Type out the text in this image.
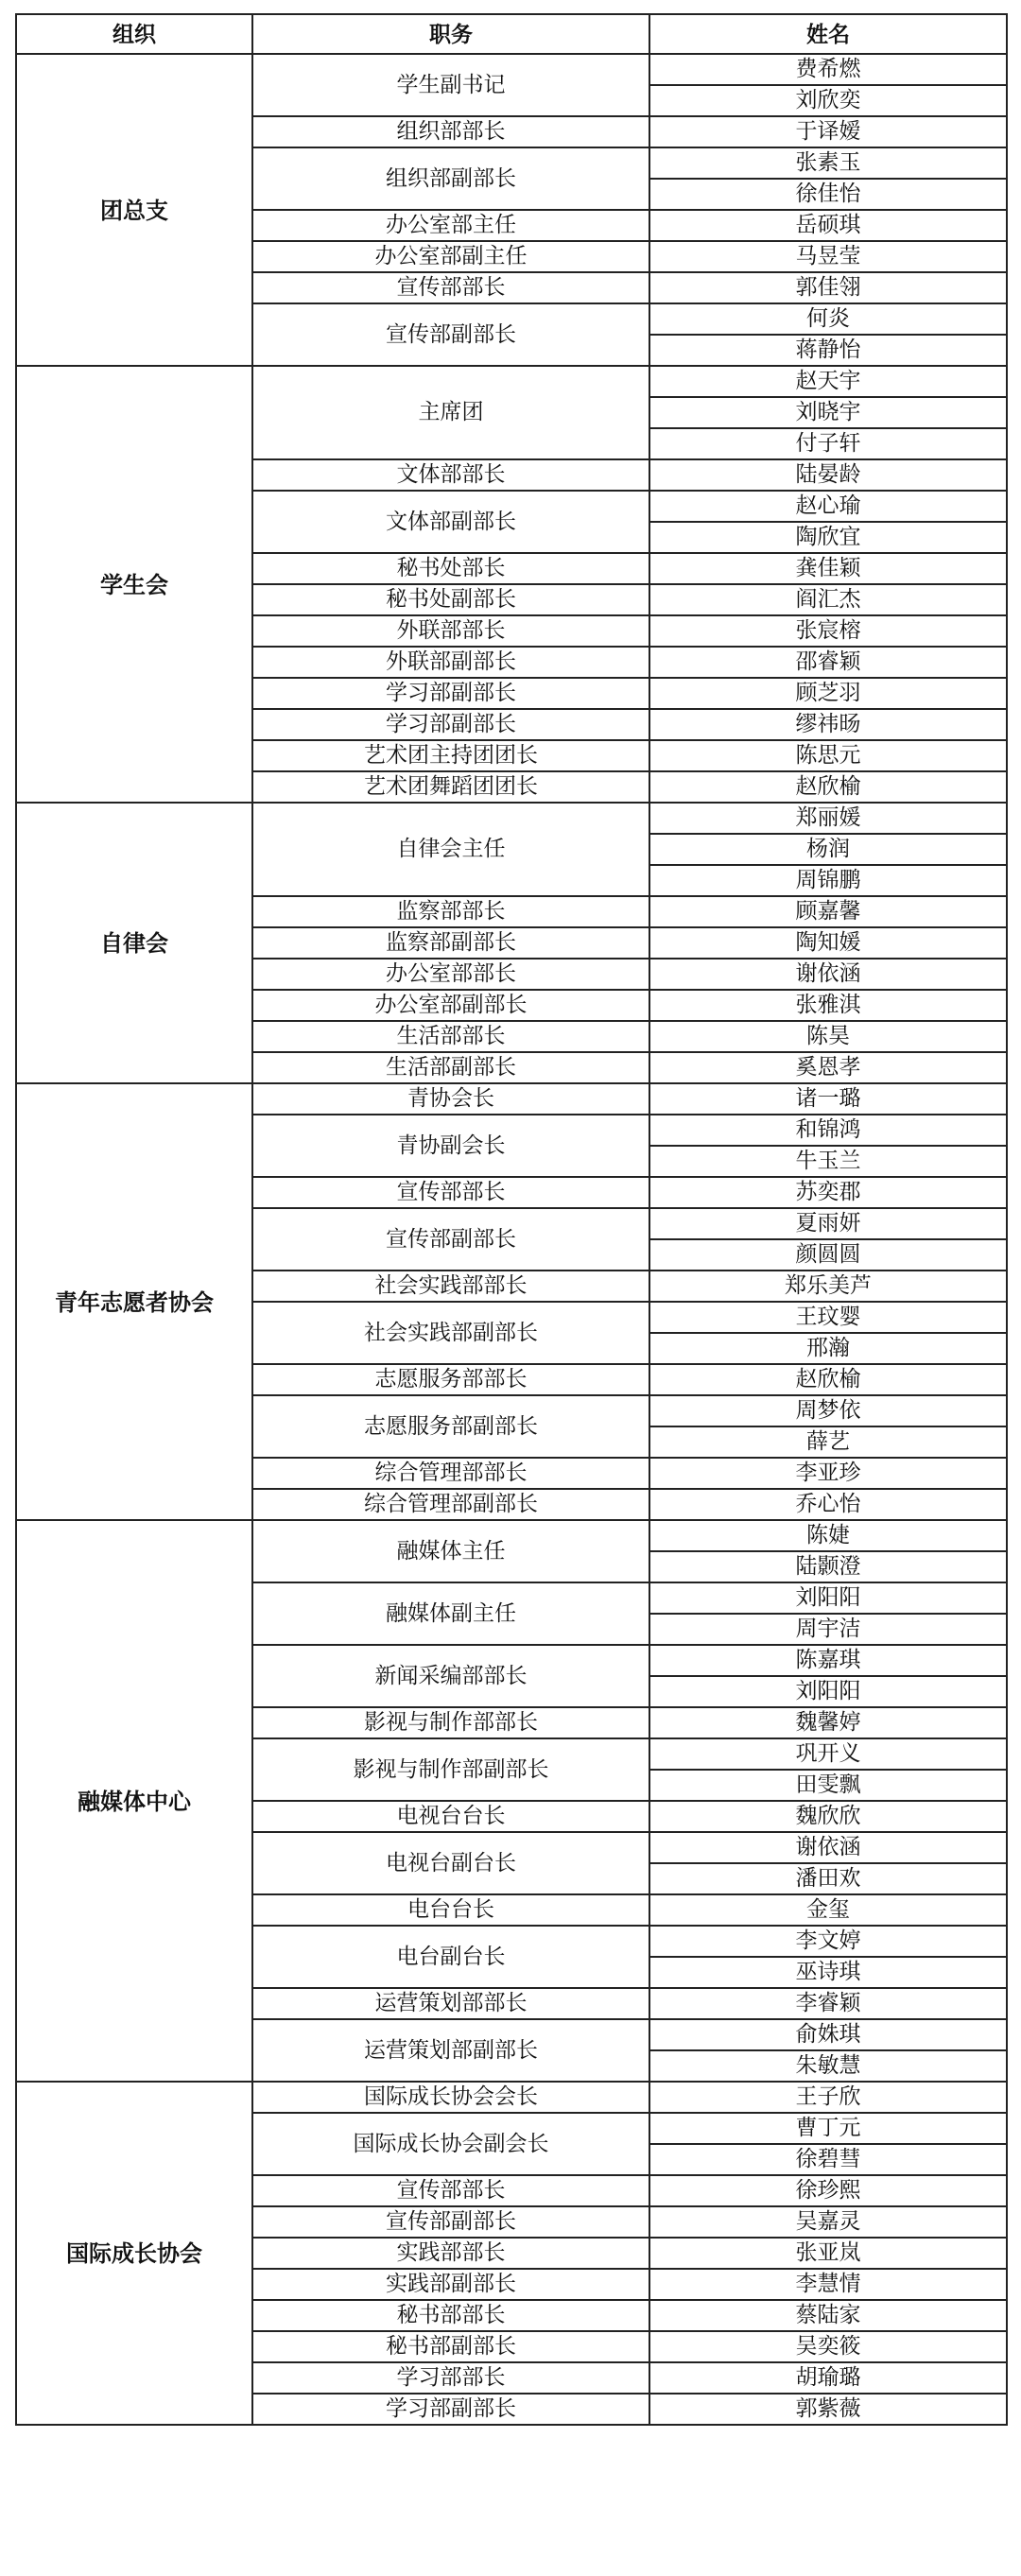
组织	职务	姓名
团总支	学生副书记	费希燃
		刘欣奕
	组织部部长	于译嫒
	组织部副部长	张素玉
		徐佳怡
	办公室部主任	岳硕琪
	办公室部副主任	马昱莹
	宣传部部长	郭佳翎
	宣传部副部长	何炎
		蒋静怡
学生会	主席团	赵天宇
		刘晓宇
		付子轩
	文体部部长	陆晏龄
	文体部副部长	赵心瑜
		陶欣宜
	秘书处部长	龚佳颖
	秘书处副部长	阎汇杰
	外联部部长	张宸榕
	外联部副部长	邵睿颖
	学习部副部长	顾芝羽
	学习部副部长	缪祎旸
	艺术团主持团团长	陈思元
	艺术团舞蹈团团长	赵欣榆
自律会	自律会主任	郑丽媛
		杨润
		周锦鹏
	监察部部长	顾嘉馨
	监察部副部长	陶知媛
	办公室部部长	谢依涵
	办公室部副部长	张雅淇
	生活部部长	陈昊
	生活部副部长	奚恩孝
青年志愿者协会	青协会长	诸一璐
	青协副会长	和锦鸿
		牛玉兰
	宣传部部长	苏奕郡
	宣传部副部长	夏雨妍
		颜圆圆
	社会实践部部长	郑乐美芦
	社会实践部副部长	王玟婴
		邢瀚
	志愿服务部部长	赵欣榆
	志愿服务部副部长	周梦依
		薛艺
	综合管理部部长	李亚珍
	综合管理部副部长	乔心怡
融媒体中心	融媒体主任	陈婕
		陆颢澄
	融媒体副主任	刘阳阳
		周宇洁
	新闻采编部部长	陈嘉琪
		刘阳阳
	影视与制作部部长	魏馨婷
	影视与制作部副部长	巩开义
		田雯飘
	电视台台长	魏欣欣
	电视台副台长	谢依涵
		潘田欢
	电台台长	金玺
	电台副台长	李文婷
		巫诗琪
	运营策划部部长	李睿颖
	运营策划部副部长	俞姝琪
		朱敏慧
国际成长协会	国际成长协会会长	王子欣
	国际成长协会副会长	曹丁元
		徐碧彗
	宣传部部长	徐珍熙
	宣传部副部长	吴嘉灵
	实践部部长	张亚岚
	实践部副部长	李慧情
	秘书部部长	蔡陆家
	秘书部副部长	吴奕筱
	学习部部长	胡瑜璐
	学习部副部长	郭紫薇
